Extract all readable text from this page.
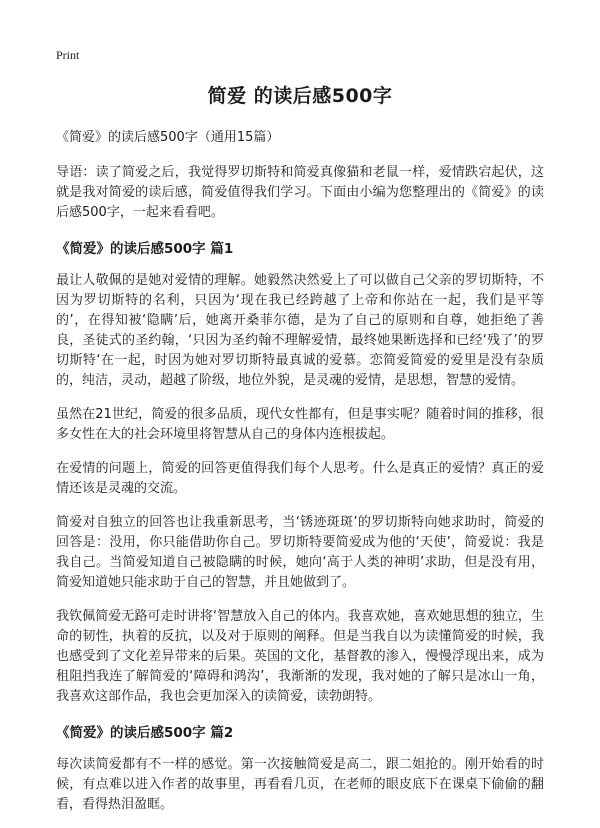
Print
简爱 的读后感500字
《简爱》的读后感500字（通用15篇）

导语：读了简爱之后，我觉得罗切斯特和简爱真像猫和老鼠一样，爱情跌宕起伏，这就是我对简爱的读后感，简爱值得我们学习。下面由小编为您整理出的《简爱》的读后感500字，一起来看看吧。

《简爱》的读后感500字 篇1

最让人敬佩的是她对爱情的理解。她毅然决然爱上了可以做自己父亲的罗切斯特，不因为罗切斯特的名利，只因为‘现在我已经跨越了上帝和你站在一起，我们是平等的’，在得知被‘隐瞒’后，她离开桑菲尔德，是为了自己的原则和自尊，她拒绝了善良，圣徒式的圣约翰，‘只因为圣约翰不理解爱情，最终她果断选择和已经‘残了’的罗切斯特‘在一起，时因为她对罗切斯特最真诚的爱慕。恋简爱简爱的爱里是没有杂质的，纯洁，灵动，超越了阶级，地位外貌，是灵魂的爱情，是思想，智慧的爱情。

虽然在21世纪，简爱的很多品质，现代女性都有，但是事实呢？随着时间的推移，很多女性在大的社会环境里将智慧从自己的身体内连根拔起。

在爱情的问题上，简爱的回答更值得我们每个人思考。什么是真正的爱情？真正的爱情还该是灵魂的交流。

简爱对自独立的回答也让我重新思考，当‘锈迹斑斑’的罗切斯特向她求助时，简爱的回答是：没用，你只能借助你自己。罗切斯特要简爱成为他的‘天使’，简爱说：我是我自己。当简爱知道自己被隐瞒的时候，她向‘高于人类的神明’求助，但是没有用，简爱知道她只能求助于自己的智慧，并且她做到了。

我钦佩简爱无路可走时讲将‘智慧放入自己的体内。我喜欢她，喜欢她思想的独立，生命的韧性，执着的反抗，以及对于原则的阐释。但是当我自以为读懂简爱的时候，我也感受到了文化差异带来的后果。英国的文化，基督教的渗入，慢慢浮现出来，成为租阻挡我连了解简爱的‘障碍和鸿沟’，我渐渐的发现，我对她的了解只是冰山一角，我喜欢这部作品，我也会更加深入的读简爱，读勃朗特。

《简爱》的读后感500字 篇2

每次读简爱都有不一样的感觉。第一次接触简爱是高二，跟二姐抢的。刚开始看的时候，有点难以进入作者的故事里，再看看几页，在老师的眼皮底下在课桌下偷偷的翻看，看得热泪盈眶。
